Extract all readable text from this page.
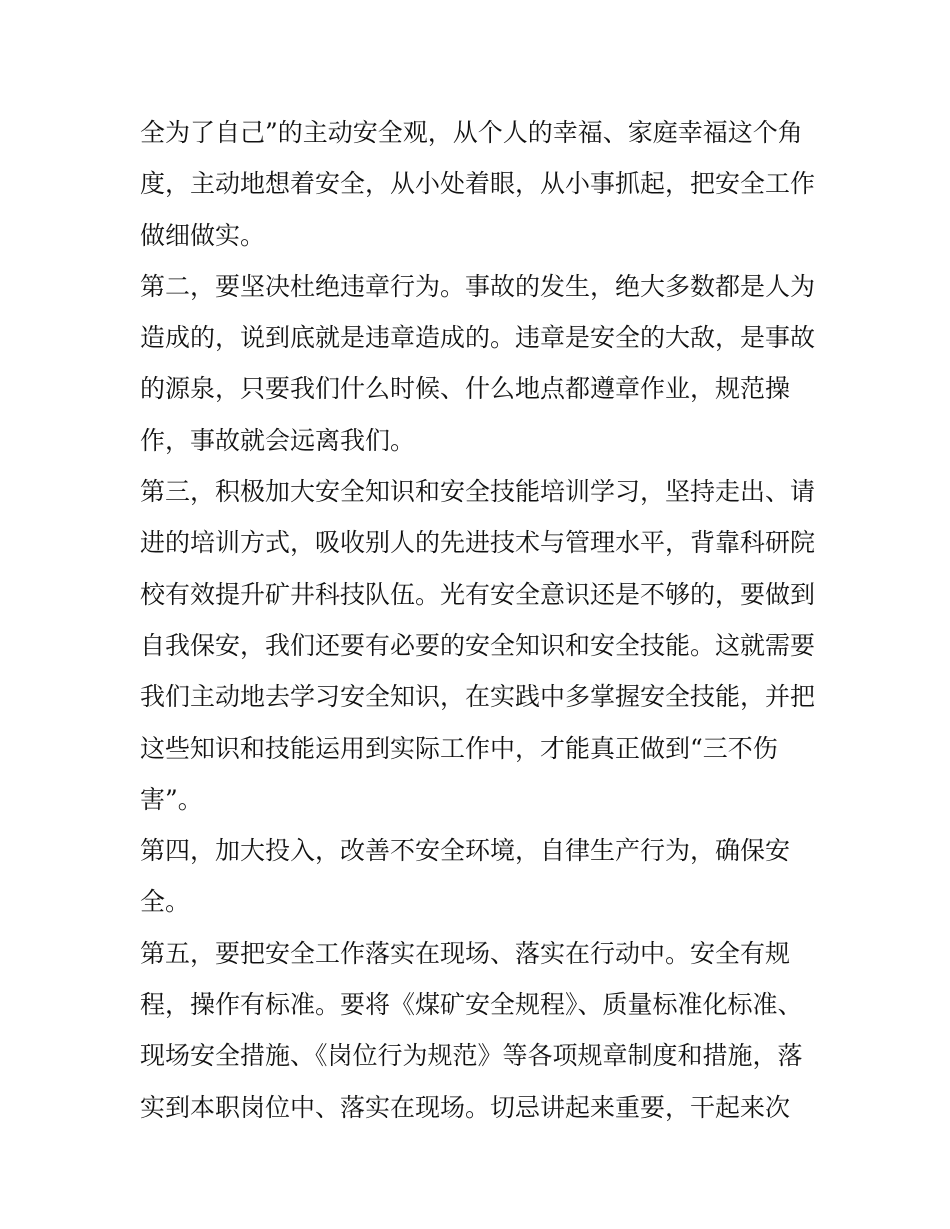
全为了自己”的主动安全观，从个人的幸福、家庭幸福这个角
度，主动地想着安全，从小处着眼，从小事抓起，把安全工作
做细做实。
第二，要坚决杜绝违章行为。事故的发生，绝大多数都是人为
造成的，说到底就是违章造成的。违章是安全的大敌，是事故
的源泉，只要我们什么时候、什么地点都遵章作业，规范操
作，事故就会远离我们。
第三，积极加大安全知识和安全技能培训学习，坚持走出、请
进的培训方式，吸收别人的先进技术与管理水平，背靠科研院
校有效提升矿井科技队伍。光有安全意识还是不够的，要做到
自我保安，我们还要有必要的安全知识和安全技能。这就需要
我们主动地去学习安全知识，在实践中多掌握安全技能，并把
这些知识和技能运用到实际工作中，才能真正做到“三不伤
害”。
第四，加大投入，改善不安全环境，自律生产行为，确保安
全。
第五，要把安全工作落实在现场、落实在行动中。安全有规
程，操作有标准。要将《煤矿安全规程》、质量标准化标准、
现场安全措施、《岗位行为规范》等各项规章制度和措施，落
实到本职岗位中、落实在现场。切忌讲起来重要，干起来次
